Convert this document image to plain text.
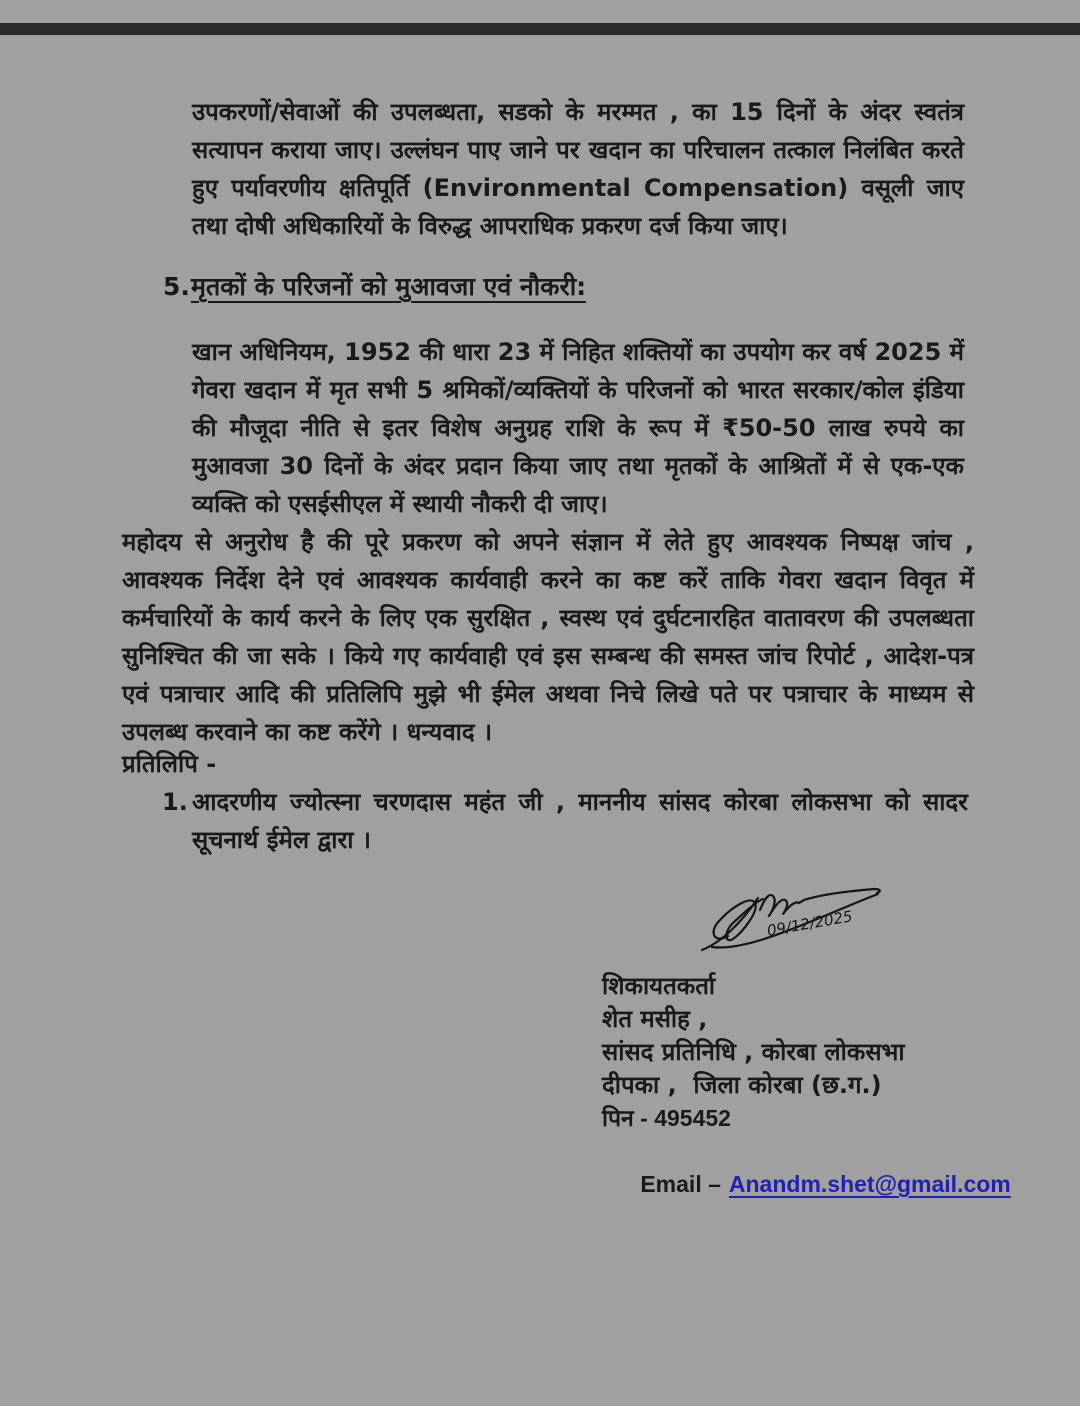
उपकरणों/सेवाओं की उपलब्धता, सडको के मरम्मत , का 15 दिनों के अंदर स्वतंत्र सत्यापन कराया जाए। उल्लंघन पाए जाने पर खदान का परिचालन तत्काल निलंबित करते हुए पर्यावरणीय क्षतिपूर्ति (Environmental Compensation) वसूली जाए तथा दोषी अधिकारियों के विरुद्ध आपराधिक प्रकरण दर्ज किया जाए।
5. मृतकों के परिजनों को मुआवजा एवं नौकरी:
खान अधिनियम, 1952 की धारा 23 में निहित शक्तियों का उपयोग कर वर्ष 2025 में गेवरा खदान में मृत सभी 5 श्रमिकों/व्यक्तियों के परिजनों को भारत सरकार/कोल इंडिया की मौजूदा नीति से इतर विशेष अनुग्रह राशि के रूप में ₹50-50 लाख रुपये का मुआवजा 30 दिनों के अंदर प्रदान किया जाए तथा मृतकों के आश्रितों में से एक-एक व्यक्ति को एसईसीएल में स्थायी नौकरी दी जाए।
महोदय से अनुरोध है की पूरे प्रकरण को अपने संज्ञान में लेते हुए आवश्यक निष्पक्ष जांच , आवश्यक निर्देश देने एवं आवश्यक कार्यवाही करने का कष्ट करें ताकि गेवरा खदान विवृत में कर्मचारियों के कार्य करने के लिए एक सुरक्षित , स्वस्थ एवं दुर्घटनारहित वातावरण की उपलब्धता सुनिश्चित की जा सके । किये गए कार्यवाही एवं इस सम्बन्ध की समस्त जांच रिपोर्ट , आदेश-पत्र एवं पत्राचार आदि की प्रतिलिपि मुझे भी ईमेल अथवा निचे लिखे पते पर पत्राचार के माध्यम से उपलब्ध करवाने का कष्ट करेंगे । धन्यवाद ।
प्रतिलिपि -
1. आदरणीय ज्योत्स्ना चरणदास महंत जी , माननीय सांसद कोरबा लोकसभा को सादर सूचनार्थ ईमेल द्वारा ।
09/12/2025
शिकायतकर्ता
शेत मसीह ,
सांसद प्रतिनिधि , कोरबा लोकसभा
दीपका ,  जिला कोरबा (छ.ग.)
पिन - 495452

Email – Anandm.shet@gmail.com
